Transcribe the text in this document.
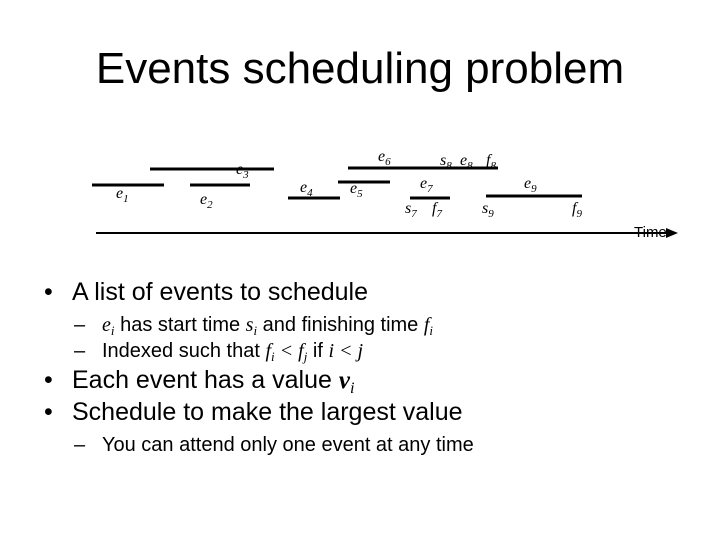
Events scheduling problem
$e_1$	$e_2$
$e_3$
$e_4$ $e_5$
$e_6$
$e_7$
$e_8$
$e_9$
$s_8$ $f_8$
$s_7$ $f_7$	$s_9$	$f_9$
Time
• A list of events to schedule
– $e_i$ has start time $s_i$ and finishing time $f_i$
– Indexed such that $f_i < f_j$ if i < j
• Each event has a value $v_i$
• Schedule to make the largest value
– You can attend only one event at any time
